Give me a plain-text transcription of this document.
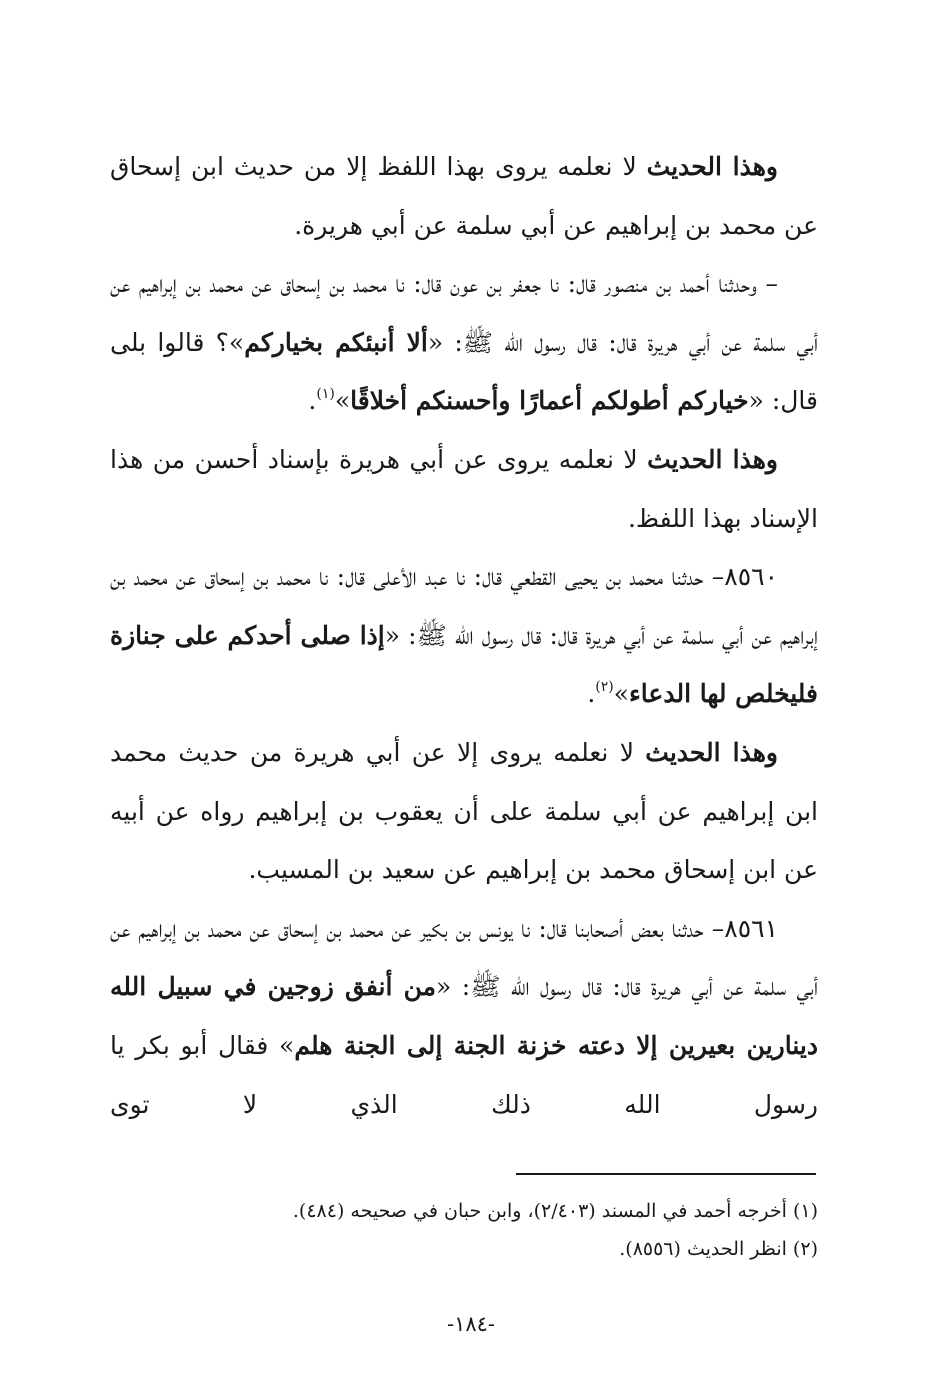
وهذا الحديث لا نعلمه يروى بهذا اللفظ إلا من حديث ابن إسحاق عن محمد بن إبراهيم عن أبي سلمة عن أبي هريرة.

– وحدثنا أحمد بن منصور قال: نا جعفر بن عون قال: نا محمد بن إسحاق عن محمد بن إبراهيم عن أبي سلمة عن أبي هريرة قال: قال رسول الله ﷺ: «ألا أنبئكم بخياركم»؟ قالوا بلى قال: «خياركم أطولكم أعمارًا وأحسنكم أخلاقًا»$^{(١)}$.

وهذا الحديث لا نعلمه يروى عن أبي هريرة بإسناد أحسن من هذا الإسناد بهذا اللفظ.

٨٥٦٠– حدثنا محمد بن يحيى القطعي قال: نا عبد الأعلى قال: نا محمد بن إسحاق عن محمد بن إبراهيم عن أبي سلمة عن أبي هريرة قال: قال رسول الله ﷺ: «إذا صلى أحدكم على جنازة فليخلص لها الدعاء»$^{(٢)}$.

وهذا الحديث لا نعلمه يروى إلا عن أبي هريرة من حديث محمد ابن إبراهيم عن أبي سلمة على أن يعقوب بن إبراهيم رواه عن أبيه عن ابن إسحاق محمد بن إبراهيم عن سعيد بن المسيب.

٨٥٦١– حدثنا بعض أصحابنا قال: نا يونس بن بكير عن محمد بن إسحاق عن محمد بن إبراهيم عن أبي سلمة عن أبي هريرة قال: قال رسول الله ﷺ: «من أنفق زوجين في سبيل الله دينارين بعيرين إلا دعته خزنة الجنة إلى الجنة هلم» فقال أبو بكر يا رسول الله ذلك الذي لا توى

(١) أخرجه أحمد في المسند (٢/٤٠٣)، وابن حبان في صحيحه (٤٨٤).

(٢) انظر الحديث (٨٥٥٦).

-١٨٤-
